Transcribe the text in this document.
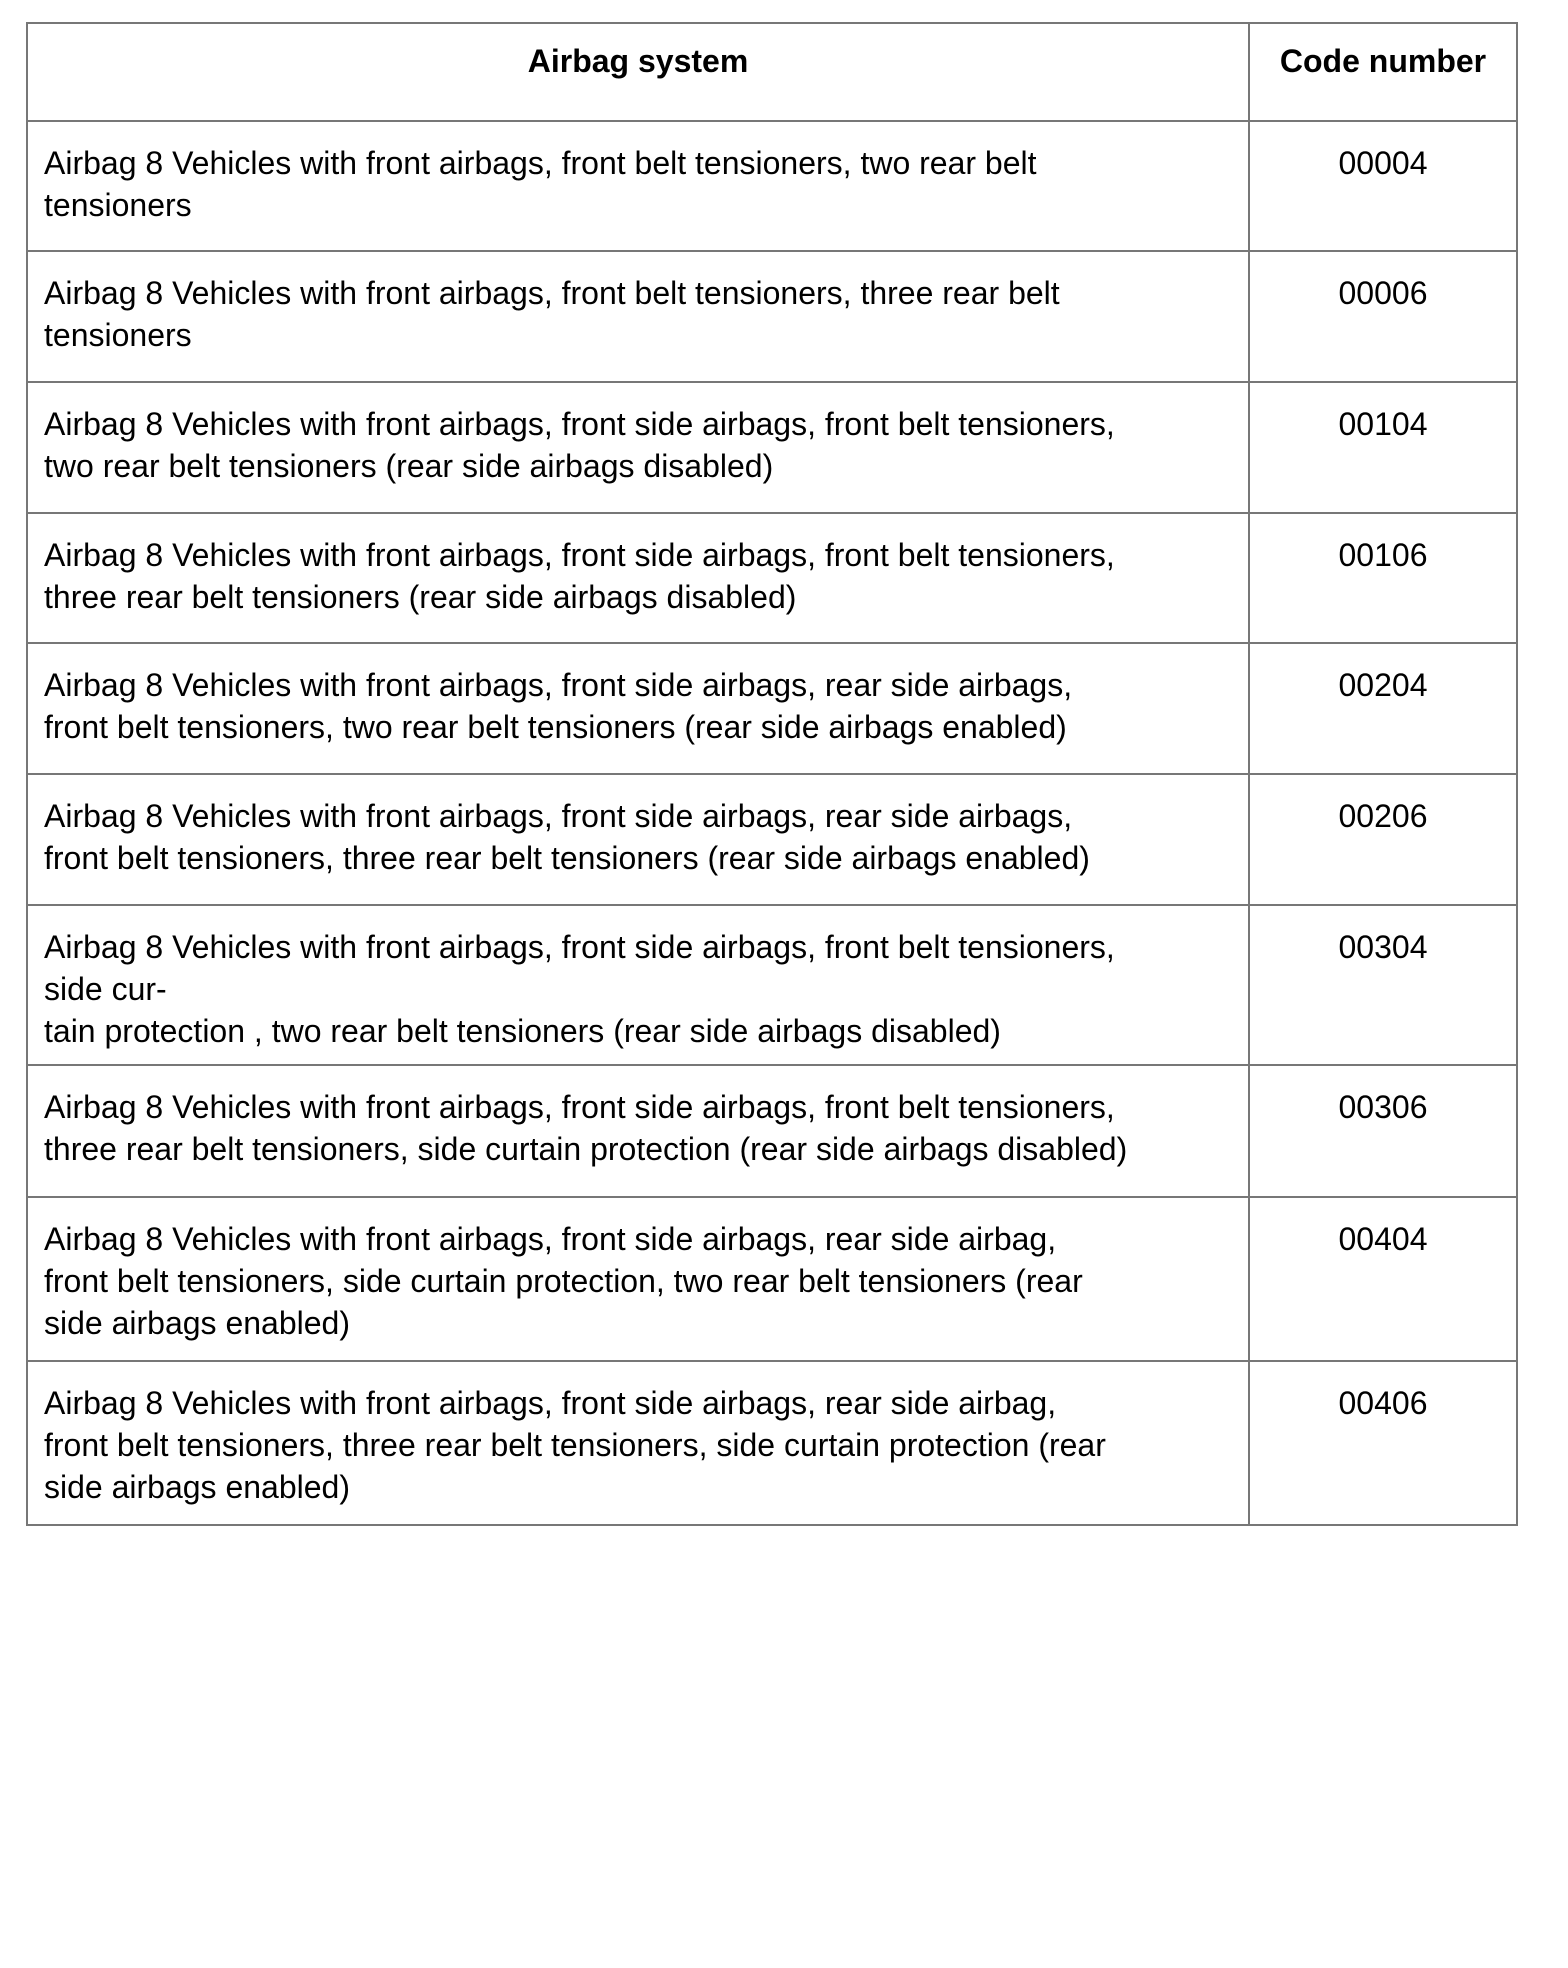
Airbag system	Code number

Airbag 8 Vehicles with front airbags, front belt tensioners, two rear belt
tensioners	00004

Airbag 8 Vehicles with front airbags, front belt tensioners, three rear belt
tensioners	00006

Airbag 8 Vehicles with front airbags, front side airbags, front belt tensioners,
two rear belt tensioners (rear side airbags disabled)	00104

Airbag 8 Vehicles with front airbags, front side airbags, front belt tensioners,
three rear belt tensioners (rear side airbags disabled)	00106

Airbag 8 Vehicles with front airbags, front side airbags, rear side airbags,
front belt tensioners, two rear belt tensioners (rear side airbags enabled)	00204

Airbag 8 Vehicles with front airbags, front side airbags, rear side airbags,
front belt tensioners, three rear belt tensioners (rear side airbags enabled)	00206

Airbag 8 Vehicles with front airbags, front side airbags, front belt tensioners,
side cur-
tain protection , two rear belt tensioners (rear side airbags disabled)	00304

Airbag 8 Vehicles with front airbags, front side airbags, front belt tensioners,
three rear belt tensioners, side curtain protection (rear side airbags disabled)	00306

Airbag 8 Vehicles with front airbags, front side airbags, rear side airbag,
front belt tensioners, side curtain protection, two rear belt tensioners (rear
side airbags enabled)	00404

Airbag 8 Vehicles with front airbags, front side airbags, rear side airbag,
front belt tensioners, three rear belt tensioners, side curtain protection (rear
side airbags enabled)	00406
